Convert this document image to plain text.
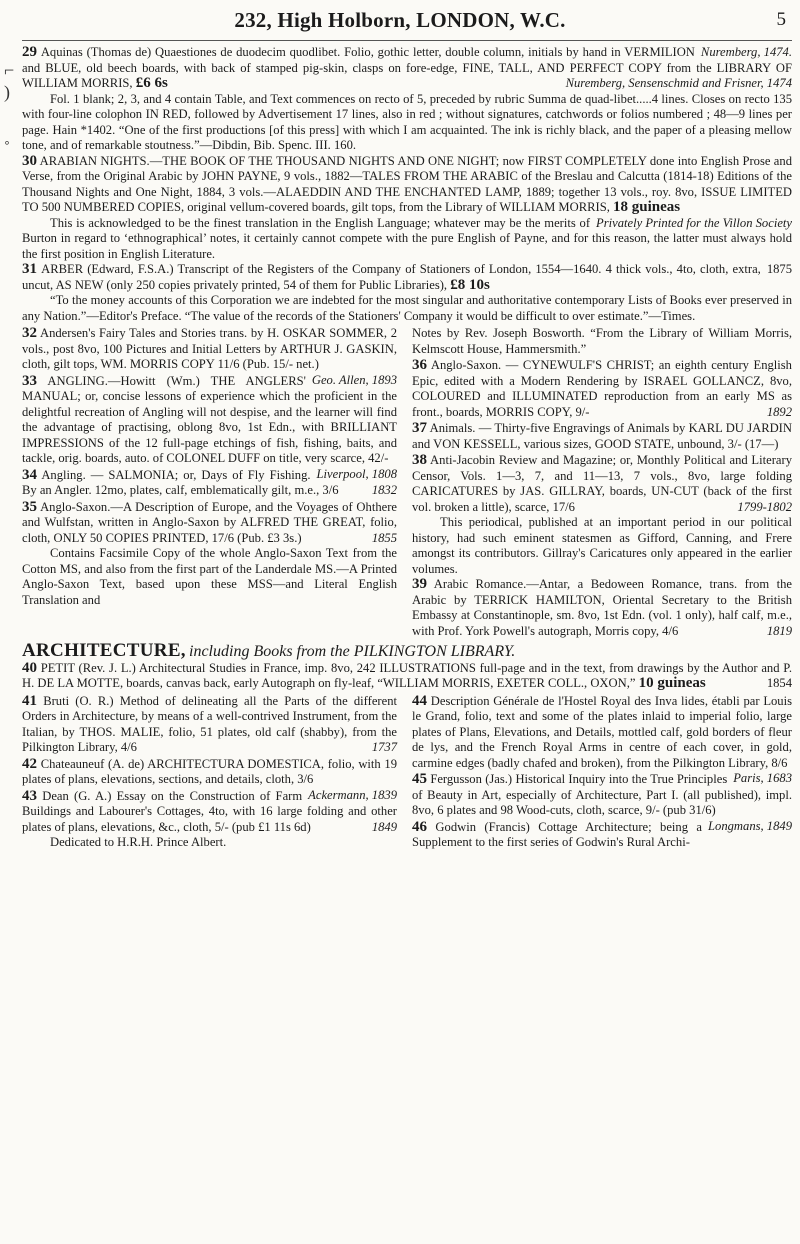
⌐
)
˚
232, High Holborn, LONDON, W.C.	5

29	Nuremberg, 1474.
Aquinas (Thomas de) Quaestiones de duodecim quodlibet. Folio, gothic letter, double column, initials by hand in VERMILION and BLUE, old beech boards, with back of stamped pig-skin, clasps on fore-edge, FINE, TALL, AND PERFECT COPY from the LIBRARY OF WILLIAM MORRIS, £6 6s	Nuremberg, Sensenschmid and Frisner, 1474

Fol. 1 blank; 2, 3, and 4 contain Table, and Text commences on recto of 5, preceded by rubric Summa de quad-libet.....4 lines. Closes on recto 135 with four-line colophon IN RED, followed by Advertisement 17 lines, also in red ; without signatures, catchwords or folios numbered ; 48—9 lines per page. Hain *1402. “One of the first productions [of this press] with which I am acquainted. The ink is richly black, and the paper of a pleasing mellow tone, and of remarkable stoutness.”—Dibdin, Bib. Spenc. III. 160.

30 ARABIAN NIGHTS.—THE BOOK OF THE THOUSAND NIGHTS AND ONE NIGHT; now FIRST COMPLETELY done into English Prose and Verse, from the Original Arabic by JOHN PAYNE, 9 vols., 1882—TALES FROM THE ARABIC of the Breslau and Calcutta (1814-18) Editions of the Thousand Nights and One Night, 1884, 3 vols.—ALAEDDIN AND THE ENCHANTED LAMP, 1889; together 13 vols., roy. 8vo, ISSUE LIMITED TO 500 NUMBERED COPIES, original vellum-covered boards, gilt tops, from the Library of WILLIAM MORRIS, 18 guineas
Privately Printed for the Villon Society

This is acknowledged to be the finest translation in the English Language; whatever may be the merits of Burton in regard to ‘ethnographical’ notes, it certainly cannot compete with the pure English of Payne, and for this reason, the latter must always hold the first position in English Literature.

31	1875
ARBER (Edward, F.S.A.) Transcript of the Registers of the Company of Stationers of London, 1554—1640. 4 thick vols., 4to, cloth, extra, uncut, AS NEW (only 250 copies privately printed, 54 of them for Public Libraries), £8 10s

“To the money accounts of this Corporation we are indebted for the most singular and authoritative contemporary Lists of Books ever preserved in any Nation.”—Editor's Preface. “The value of the records of the Stationers' Company it would be difficult to over estimate.”—Times.

32 Andersen's Fairy Tales and Stories trans. by H. OSKAR SOMMER, 2 vols., post 8vo, 100 Pictures and Initial Letters by ARTHUR J. GASKIN, cloth, gilt tops, WM. MORRIS COPY 11/6 (Pub. 15/- net.)
Geo. Allen, 1893

33 ANGLING.—Howitt (Wm.) THE ANGLERS' MANUAL; or, concise lessons of experience which the proficient in the delightful recreation of Angling will not despise, and the learner will find the advantage of practising, oblong 8vo, 1st Edn., with BRILLIANT IMPRESSIONS of the 12 full-page etchings of fish, fishing, baits, and tackle, orig. boards, auto. of COLONEL DUFF on title, very scarce, 42/-
Liverpool, 1808

34 Angling. — SALMONIA; or, Days of Fly Fishing. By an Angler. 12mo, plates, calf, emblematically gilt, m.e., 3/6	1832

35 Anglo-Saxon.—A Description of Europe, and the Voyages of Ohthere and Wulfstan, written in Anglo-Saxon by ALFRED THE GREAT, folio, cloth, ONLY 50 COPIES PRINTED, 17/6 (Pub. £3 3s.)	1855

Contains Facsimile Copy of the whole Anglo-Saxon Text from the Cotton MS, and also from the first part of the Landerdale MS.—A Printed Anglo-Saxon Text, based upon these MSS—and Literal English Translation and

Notes by Rev. Joseph Bosworth. “From the Library of William Morris, Kelmscott House, Hammersmith.”

36 Anglo-Saxon. — CYNEWULF'S CHRIST; an eighth century English Epic, edited with a Modern Rendering by ISRAEL GOLLANCZ, 8vo, COLOURED and ILLUMINATED reproduction from an early MS as front., boards, MORRIS COPY, 9/-	1892

37 Animals. — Thirty-five Engravings of Animals by KARL DU JARDIN and VON KESSELL, various sizes, GOOD STATE, unbound, 3/- (17—)

38 Anti-Jacobin Review and Magazine; or, Monthly Political and Literary Censor, Vols. 1—3, 7, and 11—13, 7 vols., 8vo, large folding CARICATURES by JAS. GILLRAY, boards, UN-CUT (back of the first vol. broken a little), scarce, 17/6	1799-1802

This periodical, published at an important period in our political history, had such eminent statesmen as Gifford, Canning, and Frere amongst its contributors. Gillray's Caricatures only appeared in the earlier volumes.

39 Arabic Romance.—Antar, a Bedoween Romance, trans. from the Arabic by TERRICK HAMILTON, Oriental Secretary to the British Embassy at Constantinople, sm. 8vo, 1st Edn. (vol. 1 only), half calf, m.e., with Prof. York Powell's autograph, Morris copy, 4/6	1819

ARCHITECTURE, including Books from the PILKINGTON LIBRARY.

40 PETIT (Rev. J. L.) Architectural Studies in France, imp. 8vo, 242 ILLUSTRATIONS full-page and in the text, from drawings by the Author and P. H. DE LA MOTTE, boards, canvas back, early Autograph on fly-leaf, “WILLIAM MORRIS, EXETER COLL., OXON,” 10 guineas	1854

41 Bruti (O. R.) Method of delineating all the Parts of the different Orders in Architecture, by means of a well-contrived Instrument, from the Italian, by THOS. MALIE, folio, 51 plates, old calf (shabby), from the Pilkington Library, 4/6	1737

42 Chateauneuf (A. de) ARCHITECTURA DOMESTICA, folio, with 19 plates of plans, elevations, sections, and details, cloth, 3/6
Ackermann, 1839

43 Dean (G. A.) Essay on the Construction of Farm Buildings and Labourer's Cottages, 4to, with 16 large folding and other plates of plans, elevations, &c., cloth, 5/- (pub £1 11s 6d)	1849

Dedicated to H.R.H. Prince Albert.

44 Description Générale de l'Hostel Royal des Inva lides, établi par Louis le Grand, folio, text and some of the plates inlaid to imperial folio, large plates of Plans, Elevations, and Details, mottled calf, gold borders of fleur de lys, and the French Royal Arms in centre of each cover, in gold, carmine edges (badly chafed and broken), from the Pilkington Library, 8/6
Paris, 1683

45 Fergusson (Jas.) Historical Inquiry into the True Principles of Beauty in Art, especially of Architecture, Part I. (all published), impl. 8vo, 6 plates and 98 Wood-cuts, cloth, scarce, 9/- (pub 31/6)
Longmans, 1849

46 Godwin (Francis) Cottage Architecture; being a Supplement to the first series of Godwin's Rural Archi-
